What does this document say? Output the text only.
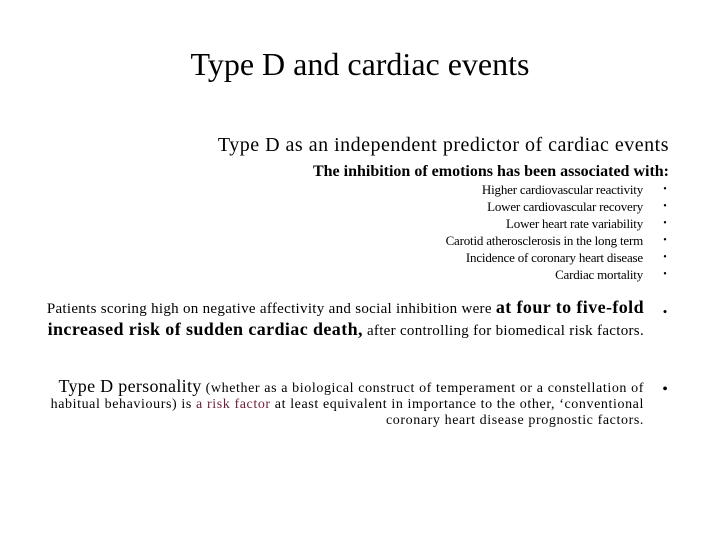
Type D and cardiac events
Type D as an independent predictor of cardiac events
The inhibition of emotions has been associated with:
Higher cardiovascular reactivity
Lower cardiovascular recovery
Lower heart rate variability
Carotid atherosclerosis in the long term
Incidence of coronary heart disease
Cardiac mortality
•
•
•
•
•
•
Patients scoring high on negative affectivity and social inhibition were at four to five-fold increased risk of sudden cardiac death, after controlling for biomedical risk factors.
•
Type D personality (whether as a biological construct of temperament or a constellation of habitual behaviours) is a risk factor at least equivalent in importance to the other, ‘conventional coronary heart disease prognostic factors.
•
